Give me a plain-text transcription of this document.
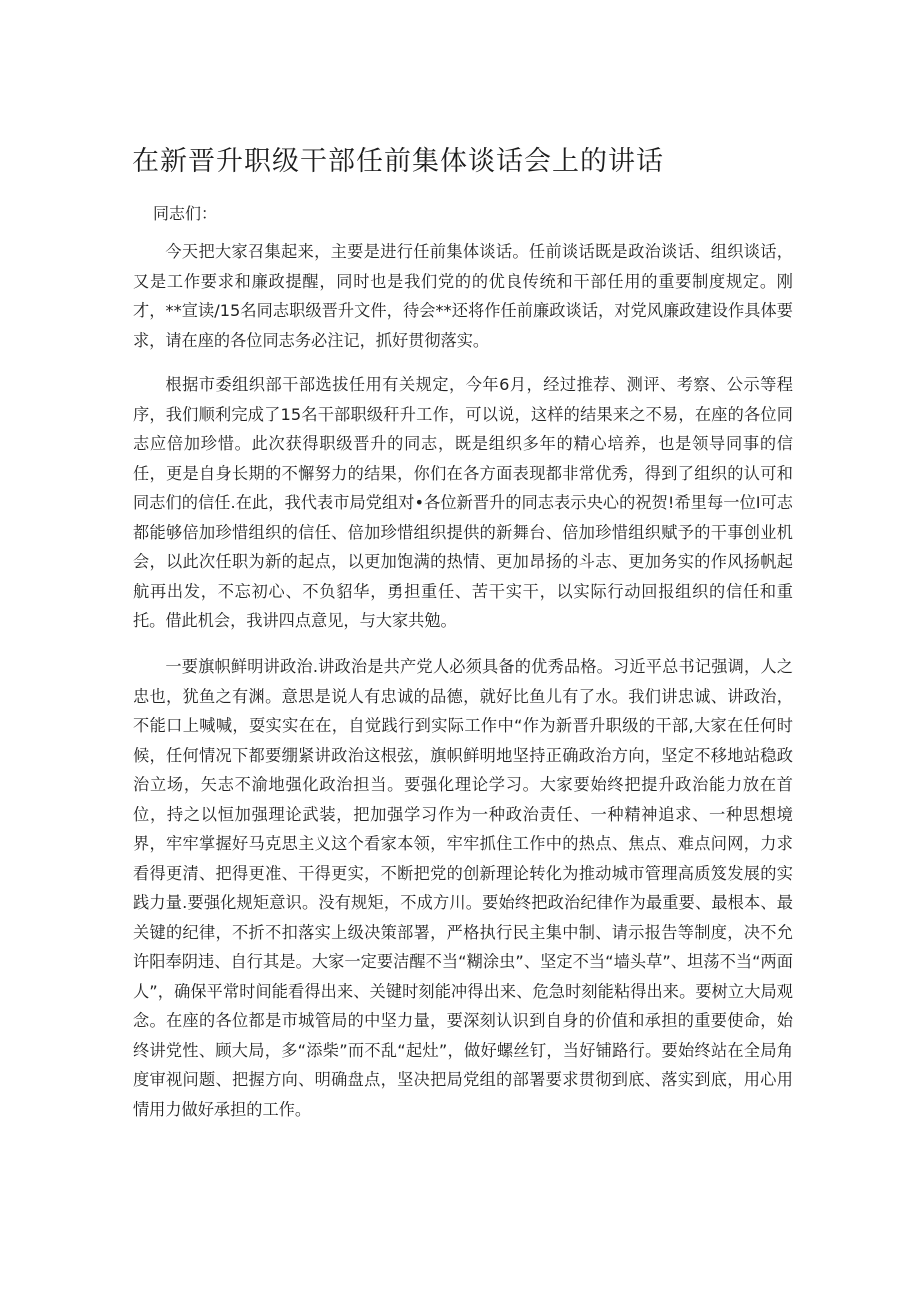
在新晋升职级干部任前集体谈话会上的讲话

同志们：

今天把大家召集起来，主要是进行任前集体谈话。任前谈话既是政治谈话、组织谈话，又是工作要求和廉政提醒，同时也是我们党的的优良传统和干部任用的重要制度规定。刚才，**宣读/15名同志职级晋升文件，待会**还将作任前廉政谈话，对党风廉政建设作具体要求，请在座的各位同志务必注记，抓好贯彻落实。

根据市委组织部干部选拔任用有关规定，今年6月，经过推荐、测评、考察、公示等程序，我们顺利完成了15名干部职级秆升工作，可以说，这样的结果来之不易，在座的各位同志应倍加珍惜。此次获得职级晋升的同志，既是组织多年的精心培养，也是领导同事的信任，更是自身长期的不懈努力的结果，你们在各方面表现都非常优秀，得到了组织的认可和同志们的信任.在此，我代表市局党组对•各位新晋升的同志表示央心的祝贺!希里每一位I可志都能够倍加珍惜组织的信任、倍加珍惜组织提供的新舞台、倍加珍惜组织赋予的干事创业机会，以此次任职为新的起点，以更加饱满的热情、更加昂扬的斗志、更加务实的作风扬帆起航再出发，不忘初心、不负貂华，勇担重任、苦干实干，以实际行动回报组织的信任和重托。借此机会，我讲四点意见，与大家共勉。

一要旗帜鲜明讲政治.讲政治是共产党人必须具备的优秀品格。习近平总书记强调，人之忠也，犹鱼之有渊。意思是说人有忠诚的品德，就好比鱼儿有了水。我们讲忠诚、讲政治，不能口上喊喊，耍实实在在，自觉践行到实际工作中“作为新晋升职级的干部,大家在任何时候，任何情况下都要绷紧讲政治这根弦，旗帜鲜明地坚持正确政治方向，坚定不移地站稳政治立场，矢志不渝地强化政治担当。要强化理论学习。大家要始终把提升政治能力放在首位，持之以恒加强理论武装，把加强学习作为一种政治责任、一种精神追求、一种思想境界，牢牢掌握好马克思主义这个看家本领，牢牢抓住工作中的热点、焦点、难点问网，力求看得更清、把得更准、干得更实，不断把党的创新理论转化为推动城市管理高质笈发展的实践力量.要强化规矩意识。没有规矩，不成方川。要始终把政治纪律作为最重要、最根本、最关键的纪律，不折不扣落实上级决策部署，严格执行民主集中制、请示报告等制度，决不允许阳奉阴违、自行其是。大家一定要洁醒不当“糊涂虫”、坚定不当“墙头草”、坦荡不当“两面人”，确保平常时间能看得出来、关键时刻能冲得出来、危急时刻能粘得出来。要树立大局观念。在座的各位都是市城管局的中坚力量，要深刻认识到自身的价值和承担的重要使命，始终讲党性、顾大局，多“添柴”而不乱“起灶”，做好螺丝钉，当好铺路行。要始终站在全局角度审视问题、把握方向、明确盘点，坚决把局党组的部署要求贯彻到底、落实到底，用心用情用力做好承担的工作。
